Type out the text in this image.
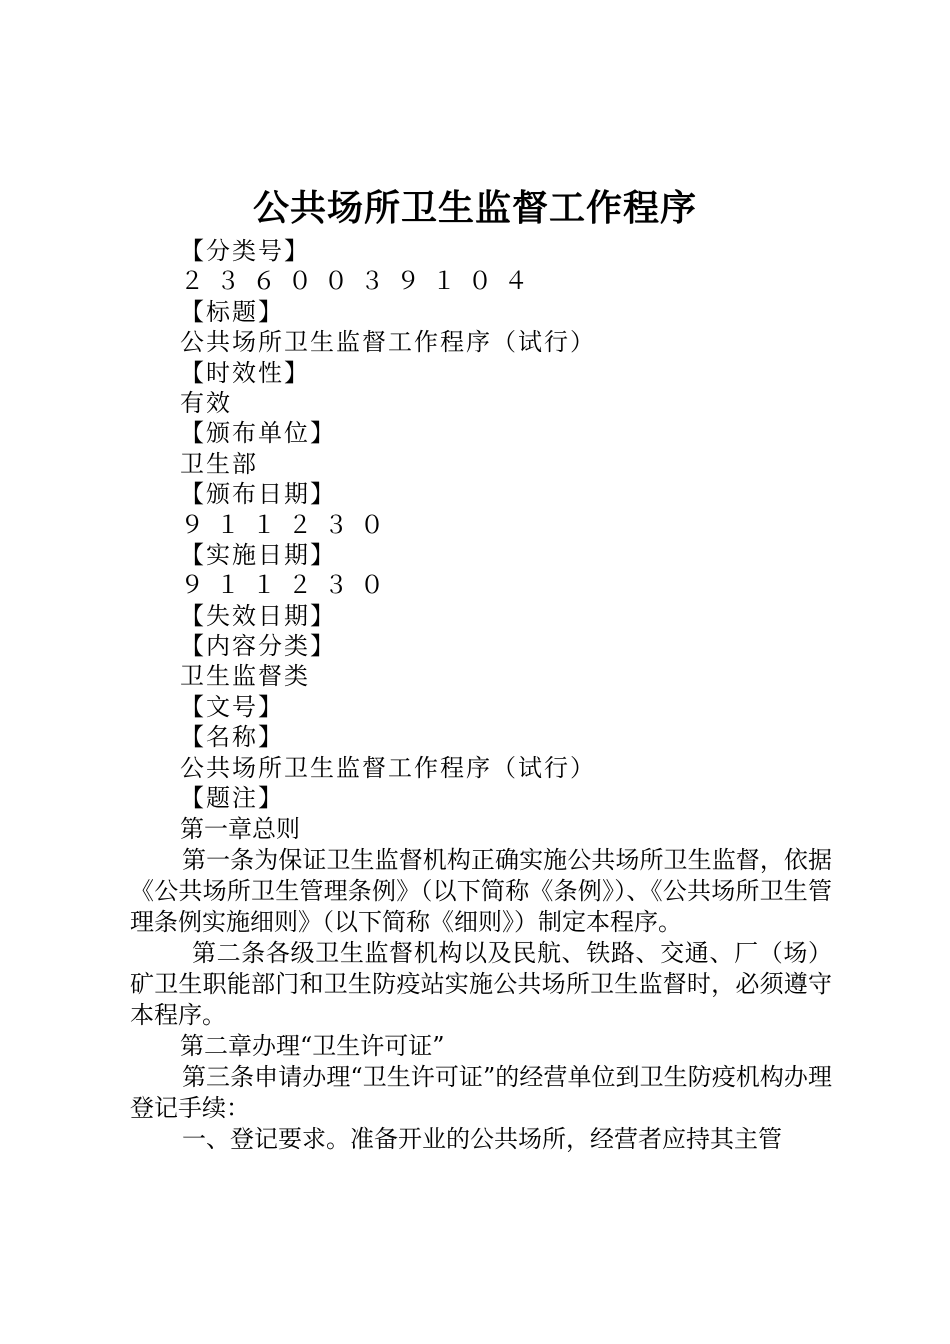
公共场所卫生监督工作程序
【分类号】
２３６００３９１０４
【标题】
公共场所卫生监督工作程序（试行）
【时效性】
有效
【颁布单位】
卫生部
【颁布日期】
９１１２３０
【实施日期】
９１１２３０
【失效日期】
【内容分类】
卫生监督类
【文号】
【名称】
公共场所卫生监督工作程序（试行）
【题注】

第一章总则

第一条为保证卫生监督机构正确实施公共场所卫生监督，依据《公共场所卫生管理条例》（以下简称《条例》）、《公共场所卫生管理条例实施细则》（以下简称《细则》）制定本程序。

第二条各级卫生监督机构以及民航、铁路、交通、厂（场）矿卫生职能部门和卫生防疫站实施公共场所卫生监督时，必须遵守本程序。

第二章办理“卫生许可证”

第三条申请办理“卫生许可证”的经营单位到卫生防疫机构办理登记手续：

一、登记要求。准备开业的公共场所，经营者应持其主管
